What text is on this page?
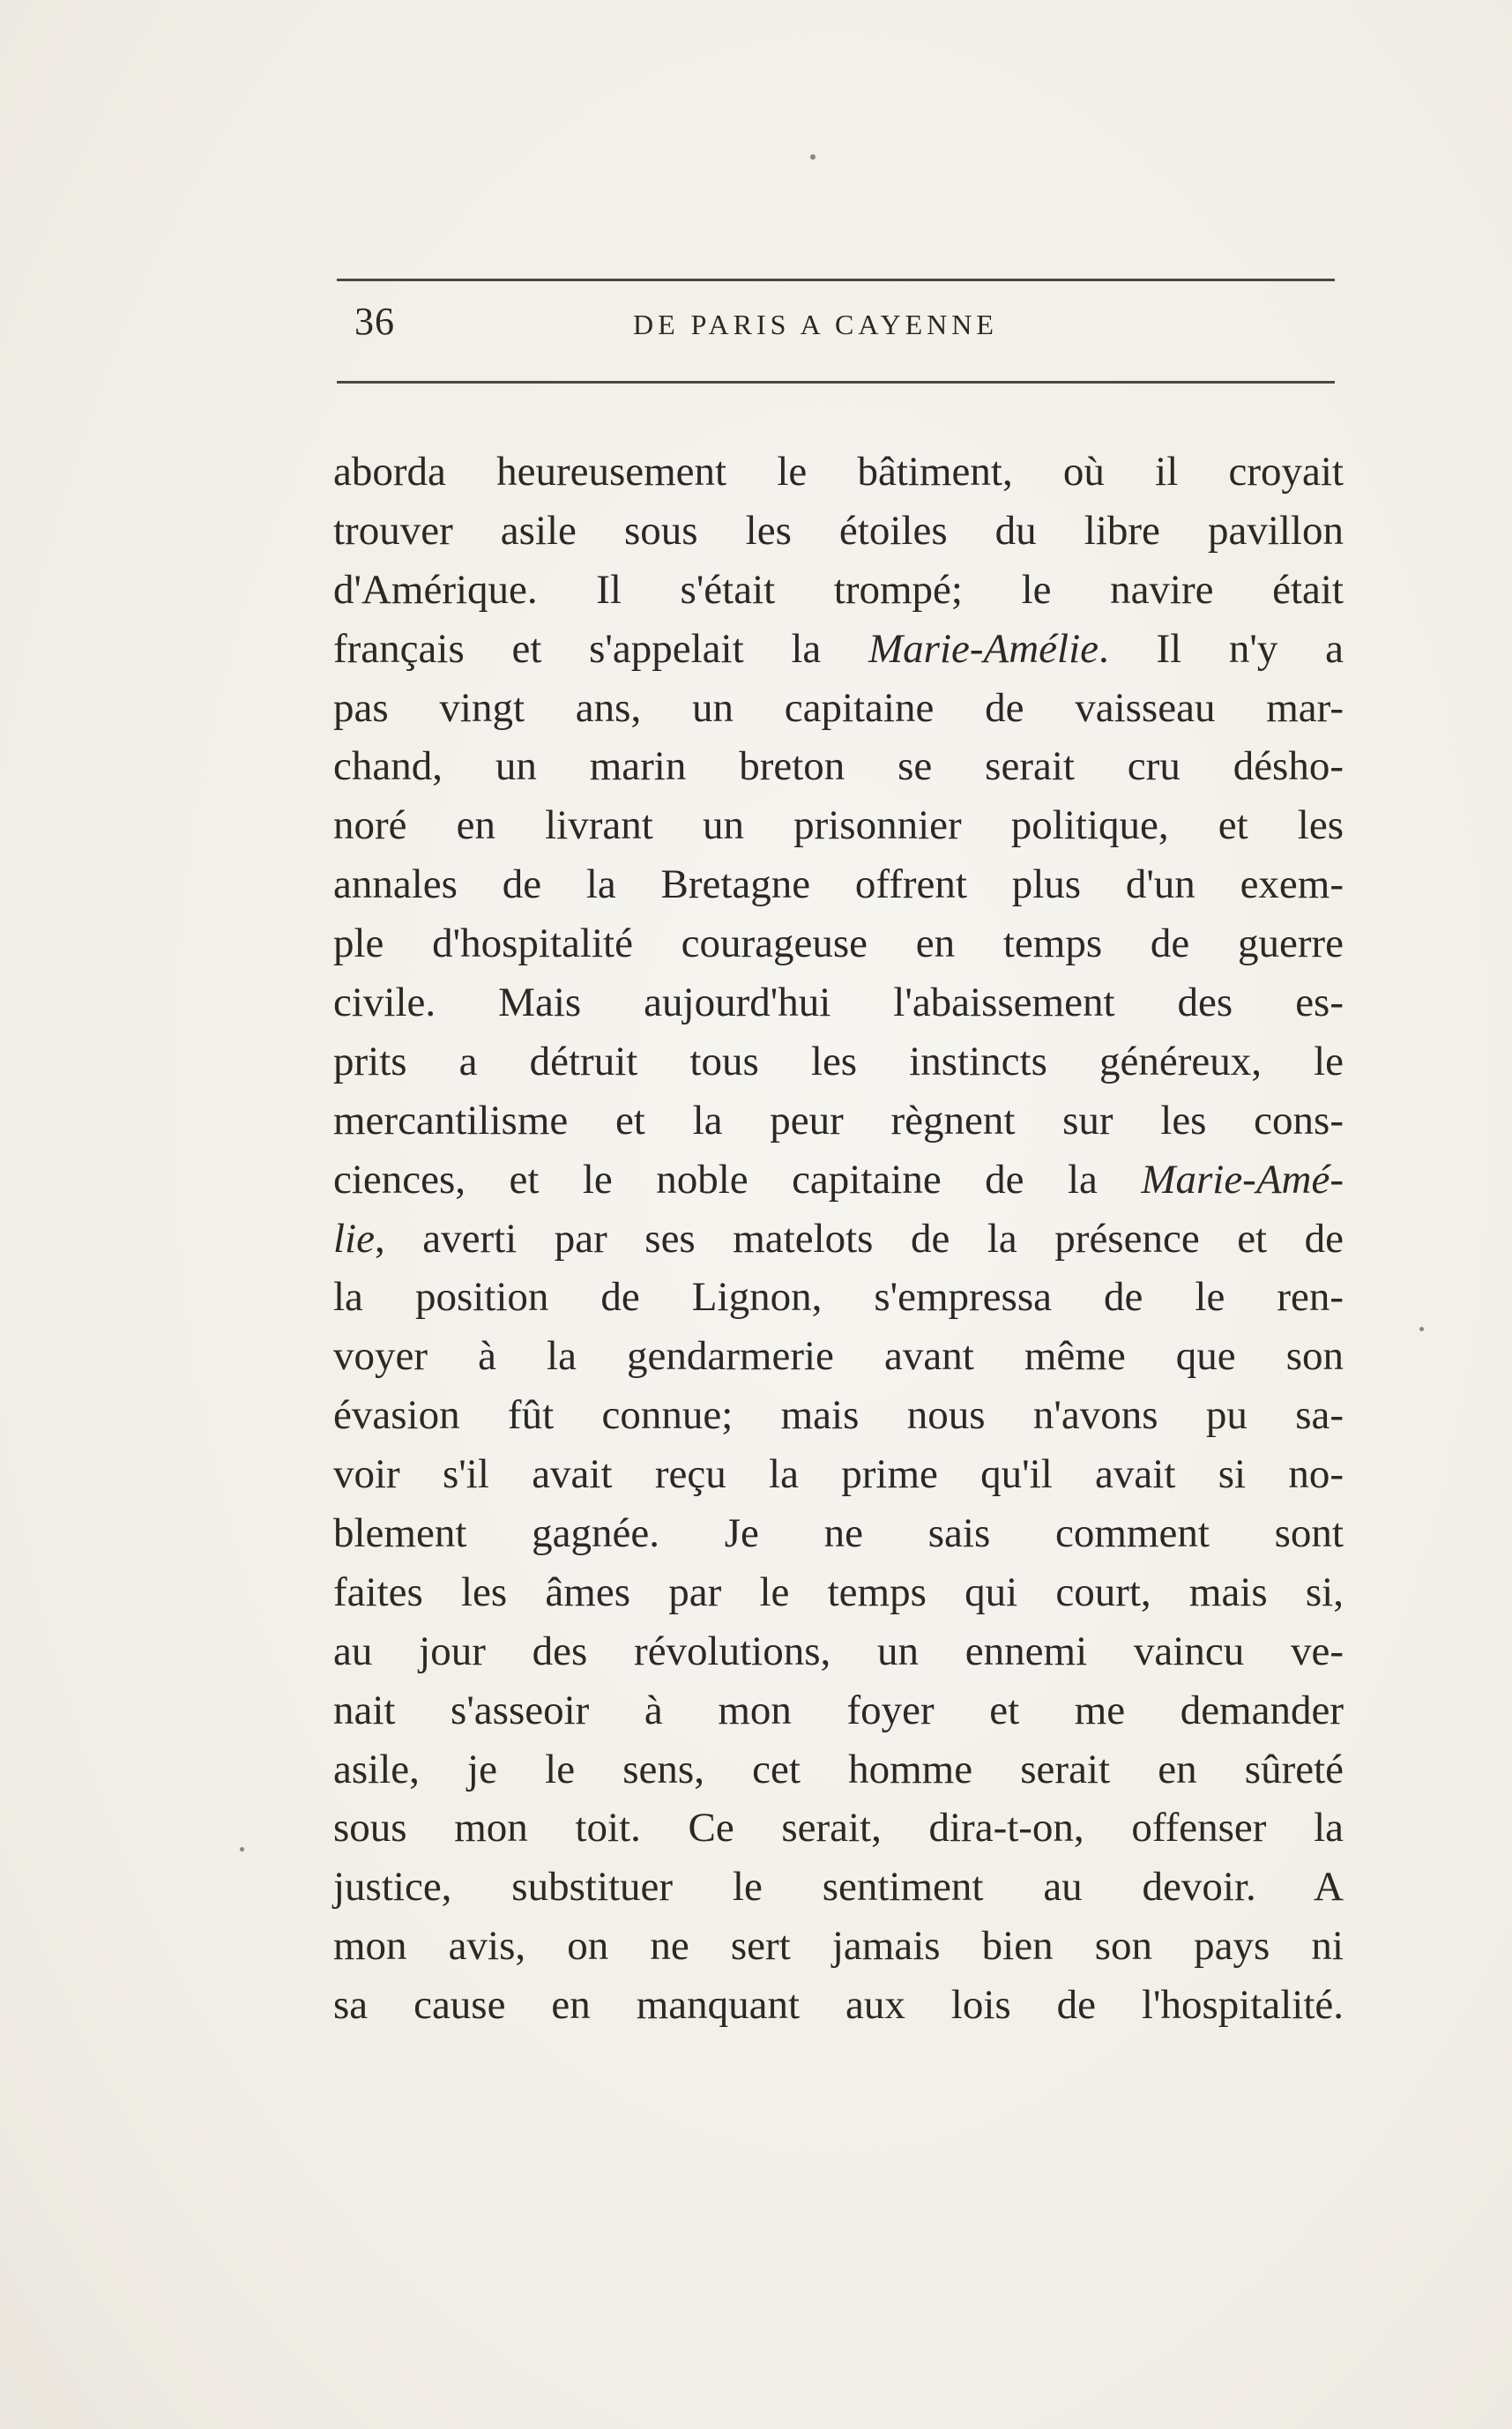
36	DE PARIS A CAYENNE
aborda heureusement le bâtiment, où il croyait
trouver asile sous les étoiles du libre pavillon
d'Amérique. Il s'était trompé; le navire était
français et s'appelait la Marie-Amélie. Il n'y a
pas vingt ans, un capitaine de vaisseau mar-
chand, un marin breton se serait cru désho-
noré en livrant un prisonnier politique, et les
annales de la Bretagne offrent plus d'un exem-
ple d'hospitalité courageuse en temps de guerre
civile. Mais aujourd'hui l'abaissement des es-
prits a détruit tous les instincts généreux, le
mercantilisme et la peur règnent sur les cons-
ciences, et le noble capitaine de la Marie-Amé-
lie, averti par ses matelots de la présence et de
la position de Lignon, s'empressa de le ren-
voyer à la gendarmerie avant même que son
évasion fût connue; mais nous n'avons pu sa-
voir s'il avait reçu la prime qu'il avait si no-
blement gagnée. Je ne sais comment sont
faites les âmes par le temps qui court, mais si,
au jour des révolutions, un ennemi vaincu ve-
nait s'asseoir à mon foyer et me demander
asile, je le sens, cet homme serait en sûreté
sous mon toit. Ce serait, dira-t-on, offenser la
justice, substituer le sentiment au devoir. A
mon avis, on ne sert jamais bien son pays ni
sa cause en manquant aux lois de l'hospitalité.
